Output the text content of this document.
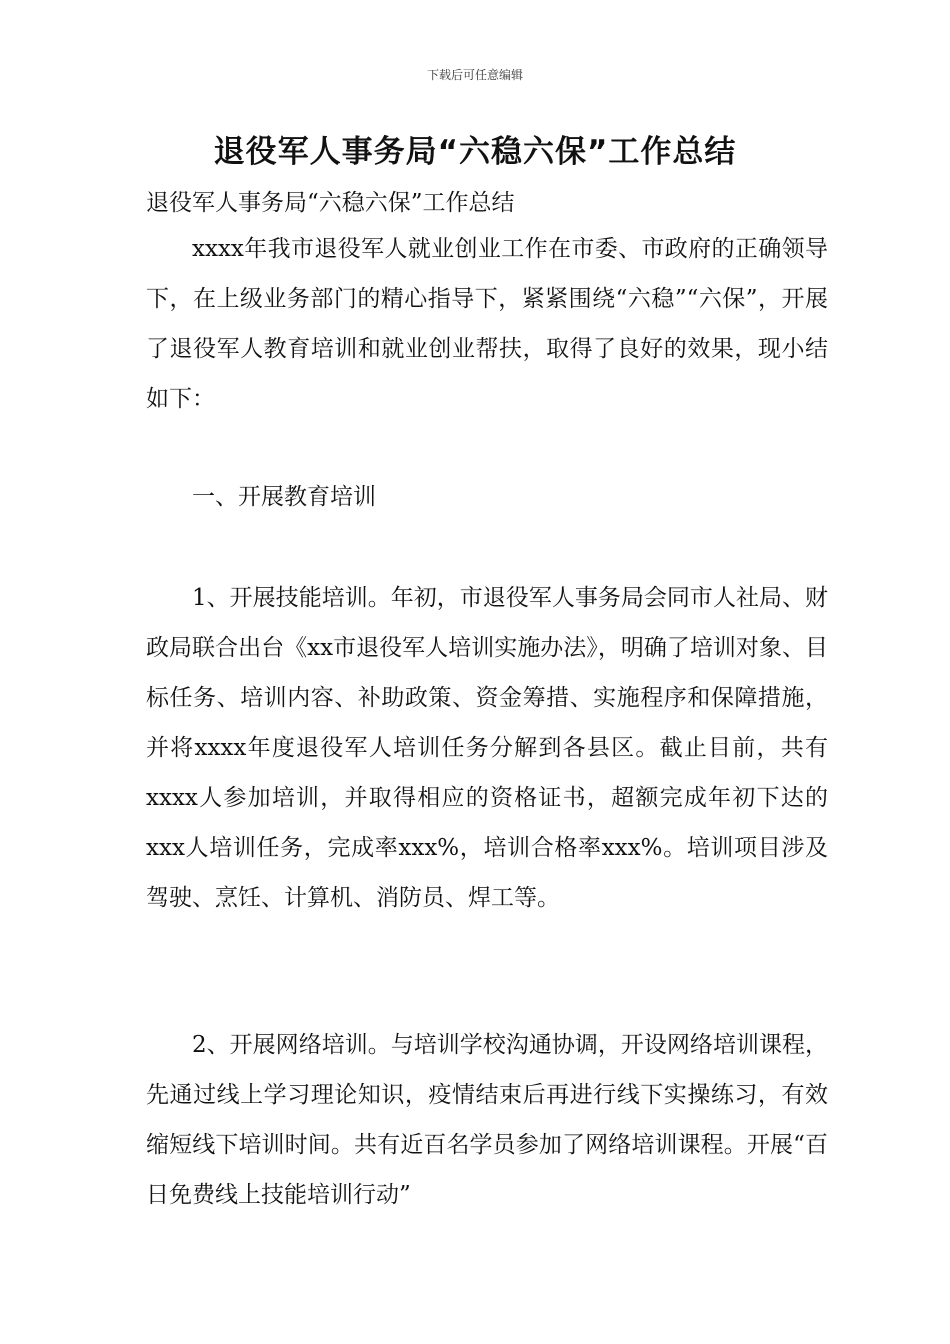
下载后可任意编辑
退役军人事务局“六稳六保”工作总结
退役军人事务局“六稳六保”工作总结

xxxx年我市退役军人就业创业工作在市委、市政府的正确领导下，在上级业务部门的精心指导下，紧紧围绕“六稳”“六保”，开展了退役军人教育培训和就业创业帮扶，取得了良好的效果，现小结如下：

一、开展教育培训

1、开展技能培训。年初，市退役军人事务局会同市人社局、财政局联合出台《xx市退役军人培训实施办法》，明确了培训对象、目标任务、培训内容、补助政策、资金筹措、实施程序和保障措施，并将xxxx年度退役军人培训任务分解到各县区。截止目前，共有xxxx人参加培训，并取得相应的资格证书，超额完成年初下达的xxx人培训任务，完成率xxx%，培训合格率xxx%。培训项目涉及驾驶、烹饪、计算机、消防员、焊工等。

2、开展网络培训。与培训学校沟通协调，开设网络培训课程，先通过线上学习理论知识，疫情结束后再进行线下实操练习，有效缩短线下培训时间。共有近百名学员参加了网络培训课程。开展“百日免费线上技能培训行动”
